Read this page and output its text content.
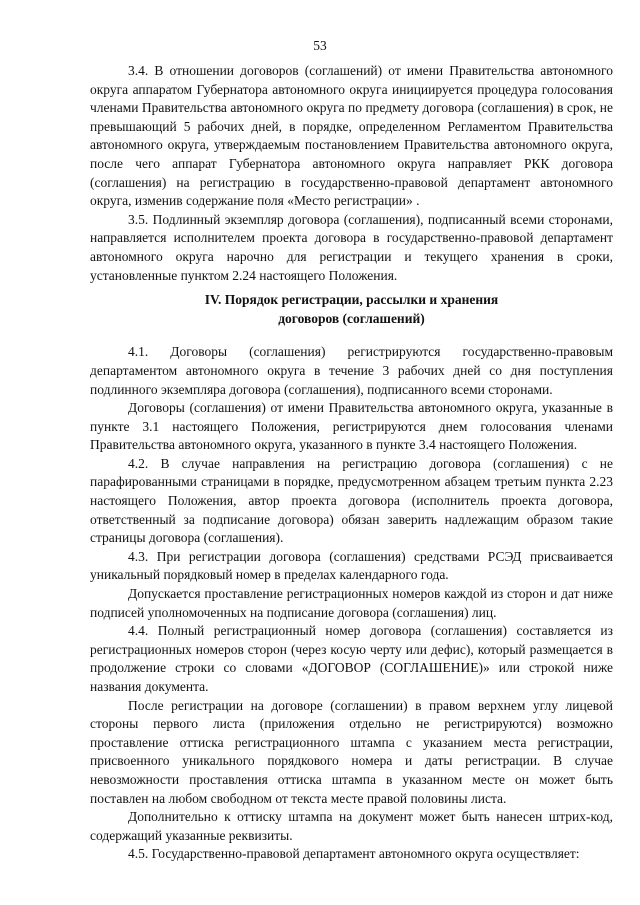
53

3.4. В отношении договоров (соглашений) от имени Правительства автономного округа аппаратом Губернатора автономного округа инициируется процедура голосования членами Правительства автономного округа по предмету договора (соглашения) в срок, не превышающий 5 рабочих дней, в порядке, определенном Регламентом Правительства автономного округа, утверждаемым постановлением Правительства автономного округа, после чего аппарат Губернатора автономного округа направляет РКК договора (соглашения) на регистрацию в государственно-правовой департамент автономного округа, изменив содержание поля «Место регистрации» .

3.5. Подлинный экземпляр договора (соглашения), подписанный всеми сторонами, направляется исполнителем проекта договора в государственно-правовой департамент автономного округа нарочно для регистрации и текущего хранения в сроки, установленные пунктом 2.24 настоящего Положения.

IV. Порядок регистрации, рассылки и хранения
договоров (соглашений)

4.1. Договоры (соглашения) регистрируются государственно-правовым департаментом автономного округа в течение 3 рабочих дней со дня поступления подлинного экземпляра договора (соглашения), подписанного всеми сторонами.

Договоры (соглашения) от имени Правительства автономного округа, указанные в пункте 3.1 настоящего Положения, регистрируются днем голосования членами Правительства автономного округа, указанного в пункте 3.4 настоящего Положения.

4.2. В случае направления на регистрацию договора (соглашения) с не парафированными страницами в порядке, предусмотренном абзацем третьим пункта 2.23 настоящего Положения, автор проекта договора (исполнитель проекта договора, ответственный за подписание договора) обязан заверить надлежащим образом такие страницы договора (соглашения).

4.3. При регистрации договора (соглашения) средствами РСЭД присваивается уникальный порядковый номер в пределах календарного года.

Допускается проставление регистрационных номеров каждой из сторон и дат ниже подписей уполномоченных на подписание договора (соглашения) лиц.

4.4. Полный регистрационный номер договора (соглашения) составляется из регистрационных номеров сторон (через косую черту или дефис), который размещается в продолжение строки со словами «ДОГОВОР (СОГЛАШЕНИЕ)» или строкой ниже названия документа.

После регистрации на договоре (соглашении) в правом верхнем углу лицевой стороны первого листа (приложения отдельно не регистрируются) возможно проставление оттиска регистрационного штампа с указанием места регистрации, присвоенного уникального порядкового номера и даты регистрации. В случае невозможности проставления оттиска штампа в указанном месте он может быть поставлен на любом свободном от текста месте правой половины листа.

Дополнительно к оттиску штампа на документ может быть нанесен штрих-код, содержащий указанные реквизиты.

4.5. Государственно-правовой департамент автономного округа осуществляет:
